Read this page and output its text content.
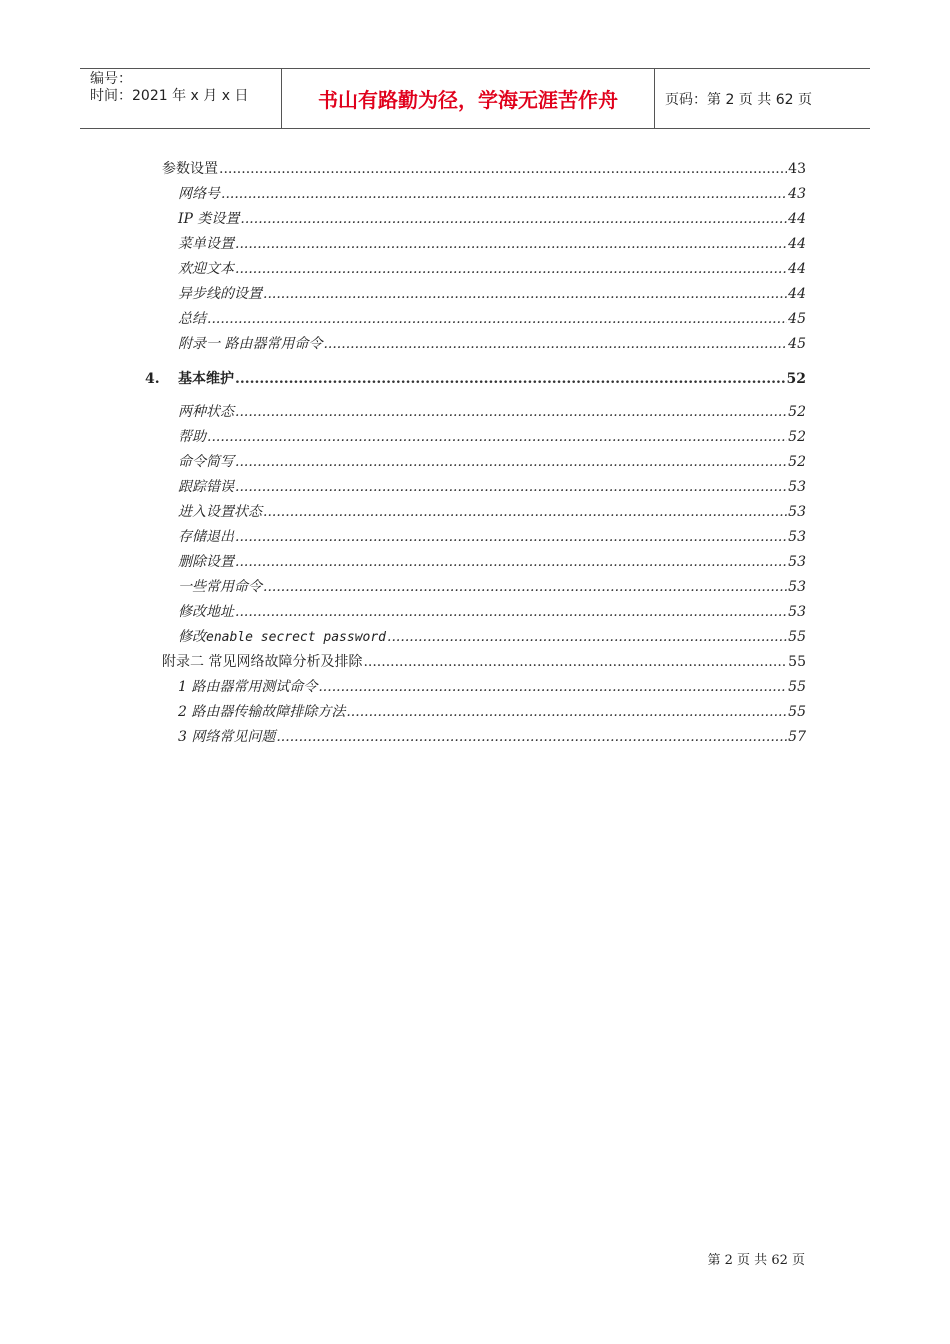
编号：
时间：2021 年 x 月 x 日	书山有路勤为径，学海无涯苦作舟	页码：第 2 页 共 62 页
参数设置 .....	43
网络号 .....	43
IP 类设置 .....	44
菜单设置 .....	44
欢迎文本 .....	44
异步线的设置 .....	44
总结 .....	45
附录一 路由器常用命令 .....	45
4.	基本维护 .....	52
两种状态 .....	52
帮助 .....	52
命令简写 .....	52
跟踪错误 .....	53
进入设置状态 .....	53
存储退出 .....	53
删除设置 .....	53
一些常用命令 .....	53
修改地址 .....	53
修改 enable secrect password .....	55
附录二 常见网络故障分析及排除 .....	55
1 路由器常用测试命令 .....	55
2 路由器传输故障排除方法 .....	55
3 网络常见问题 .....	57
第 2 页 共 62 页
